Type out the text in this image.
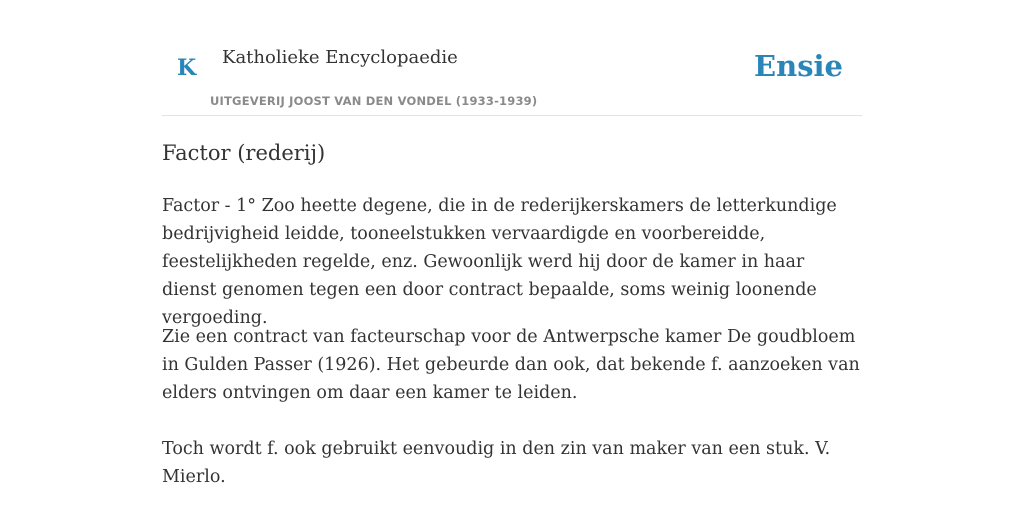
K Katholieke Encyclopaedie
UITGEVERIJ JOOST VAN DEN VONDEL (1933-1939)
Ensie
Factor (rederij)

Factor - 1° Zoo heette degene, die in de rederijkerskamers de letterkundige bedrijvigheid leidde, tooneelstukken vervaardigde en voorbereidde, feestelijkheden regelde, enz. Gewoonlijk werd hij door de kamer in haar dienst genomen tegen een door contract bepaalde, soms weinig loonende vergoeding.

Zie een contract van facteurschap voor de Antwerpsche kamer De goudbloem in Gulden Passer (1926). Het gebeurde dan ook, dat bekende f. aanzoeken van elders ontvingen om daar een kamer te leiden.

Toch wordt f. ook gebruikt eenvoudig in den zin van maker van een stuk. V. Mierlo.
